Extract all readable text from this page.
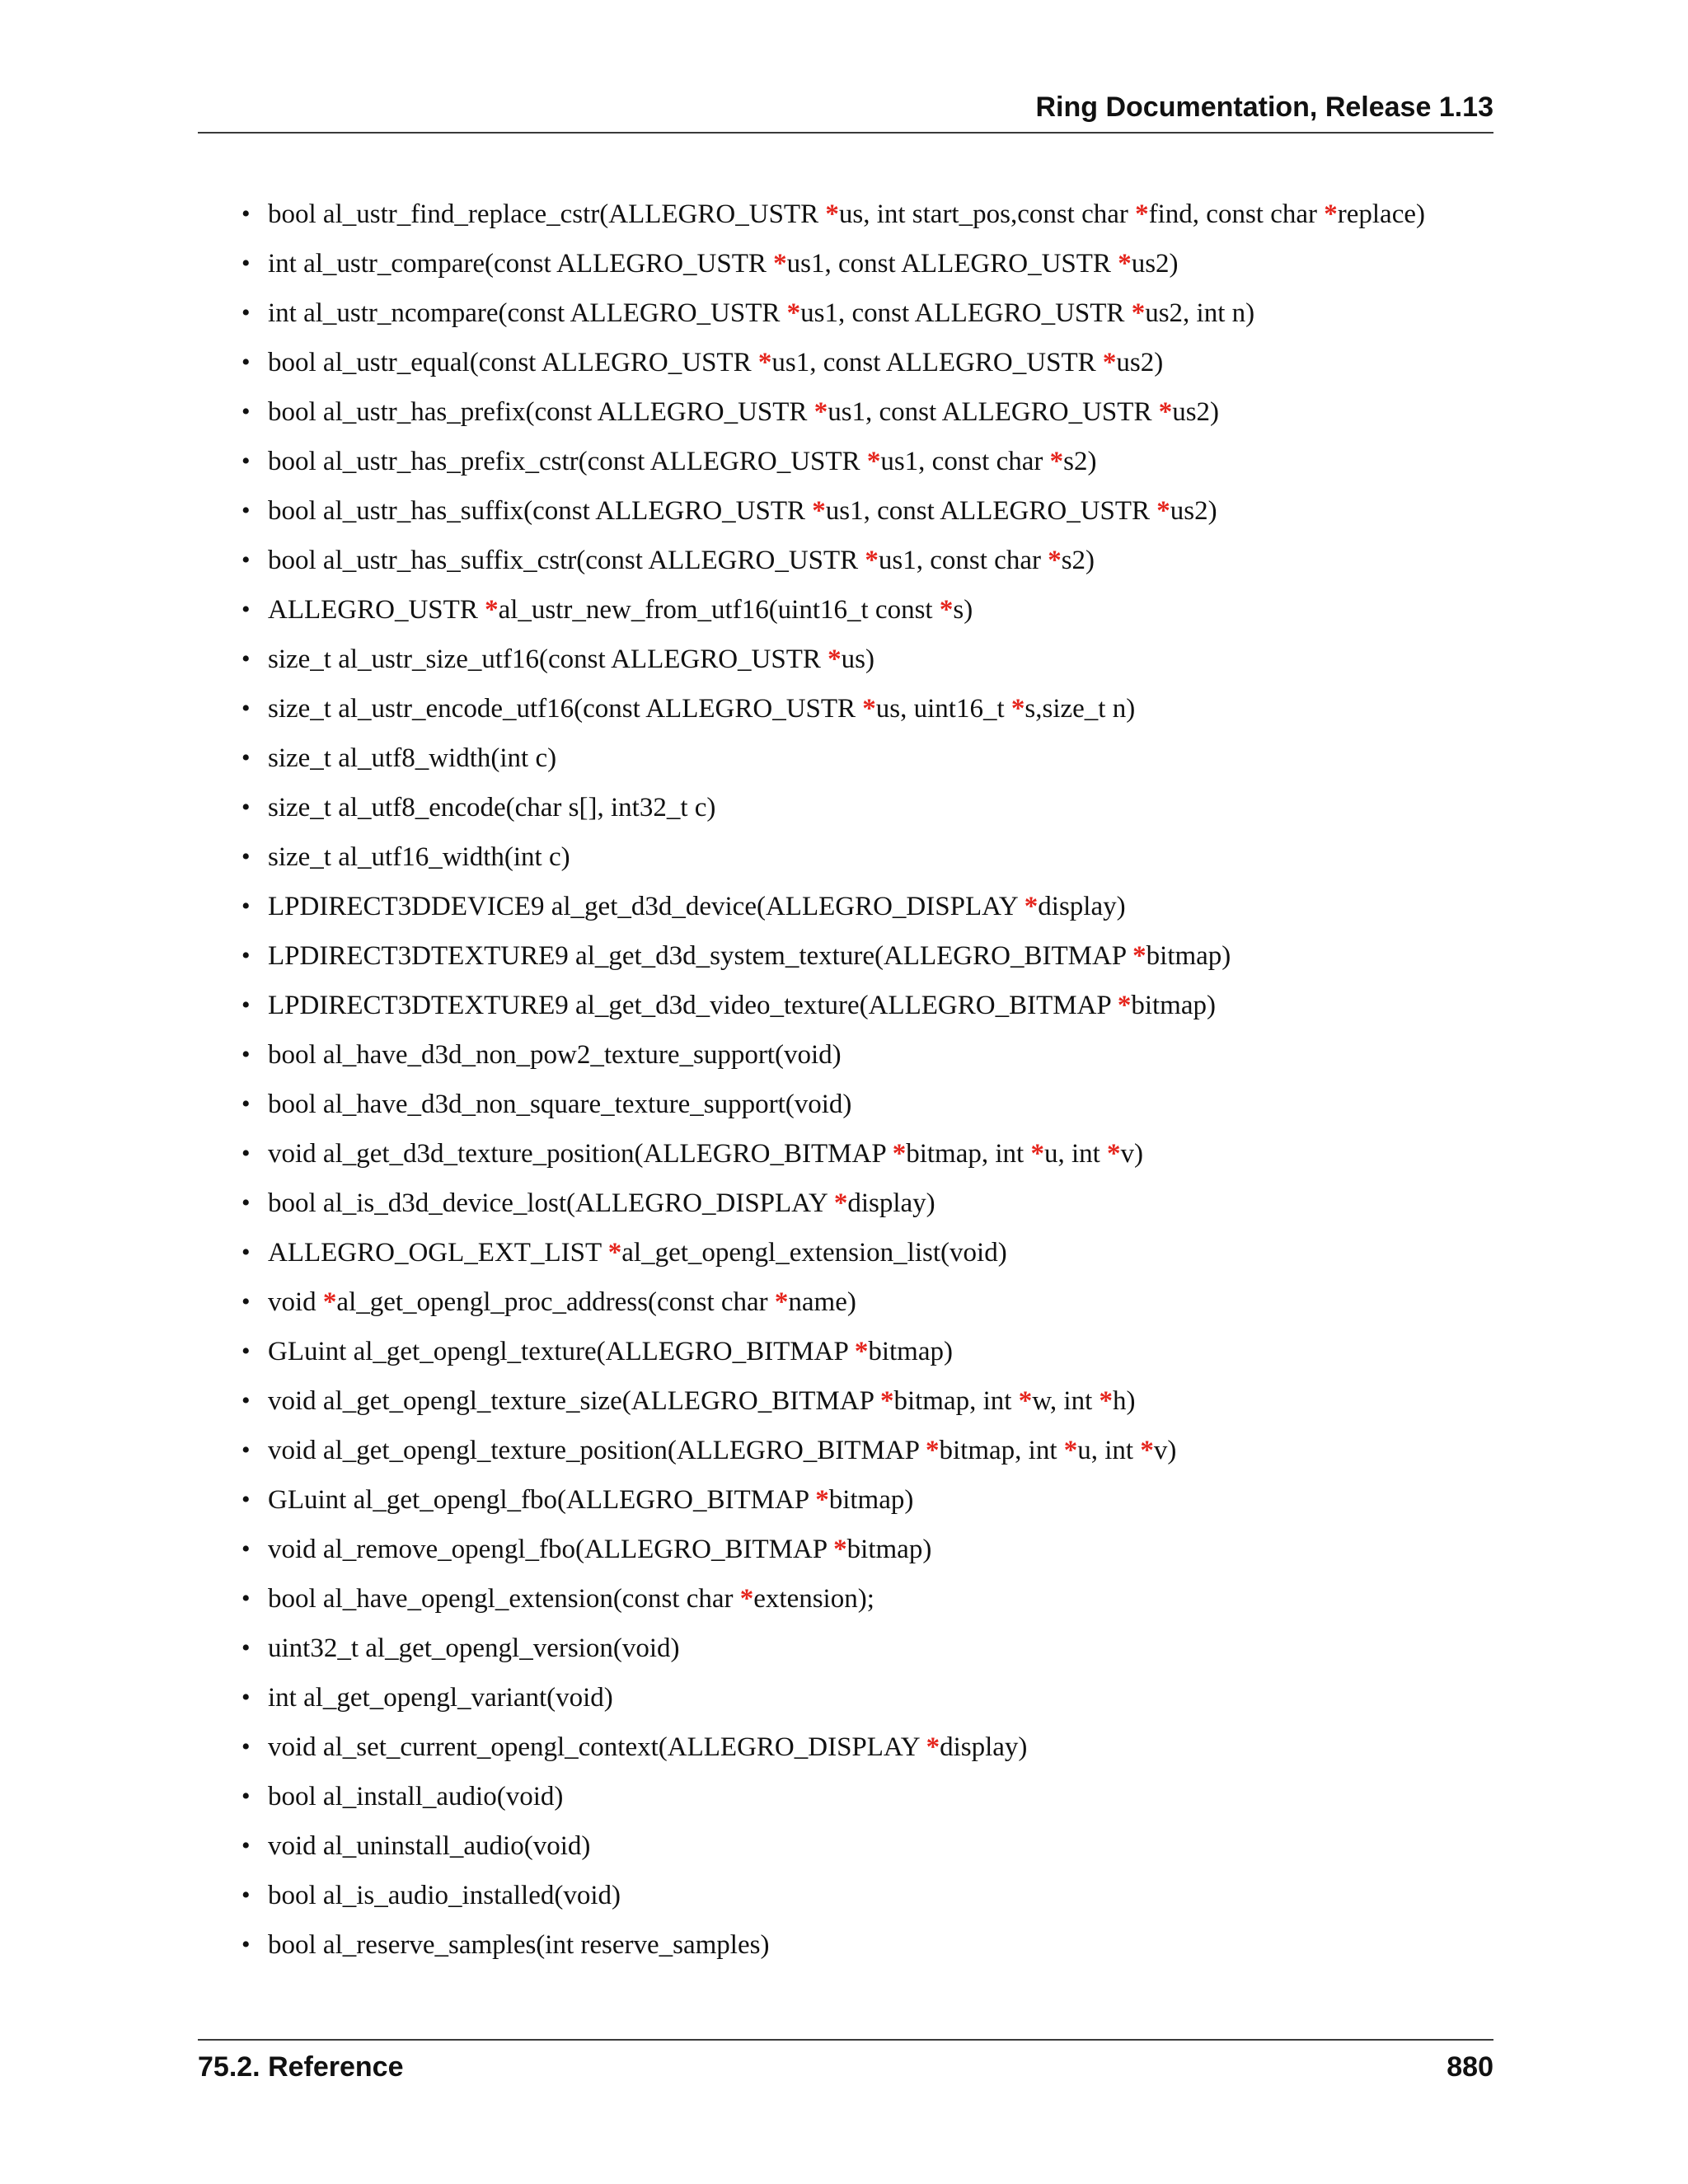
Ring Documentation, Release 1.13
• bool al_ustr_find_replace_cstr(ALLEGRO_USTR *us, int start_pos,const char *find, const char *replace)
• int al_ustr_compare(const ALLEGRO_USTR *us1, const ALLEGRO_USTR *us2)
• int al_ustr_ncompare(const ALLEGRO_USTR *us1, const ALLEGRO_USTR *us2, int n)
• bool al_ustr_equal(const ALLEGRO_USTR *us1, const ALLEGRO_USTR *us2)
• bool al_ustr_has_prefix(const ALLEGRO_USTR *us1, const ALLEGRO_USTR *us2)
• bool al_ustr_has_prefix_cstr(const ALLEGRO_USTR *us1, const char *s2)
• bool al_ustr_has_suffix(const ALLEGRO_USTR *us1, const ALLEGRO_USTR *us2)
• bool al_ustr_has_suffix_cstr(const ALLEGRO_USTR *us1, const char *s2)
• ALLEGRO_USTR *al_ustr_new_from_utf16(uint16_t const *s)
• size_t al_ustr_size_utf16(const ALLEGRO_USTR *us)
• size_t al_ustr_encode_utf16(const ALLEGRO_USTR *us, uint16_t *s,size_t n)
• size_t al_utf8_width(int c)
• size_t al_utf8_encode(char s[], int32_t c)
• size_t al_utf16_width(int c)
• LPDIRECT3DDEVICE9 al_get_d3d_device(ALLEGRO_DISPLAY *display)
• LPDIRECT3DTEXTURE9 al_get_d3d_system_texture(ALLEGRO_BITMAP *bitmap)
• LPDIRECT3DTEXTURE9 al_get_d3d_video_texture(ALLEGRO_BITMAP *bitmap)
• bool al_have_d3d_non_pow2_texture_support(void)
• bool al_have_d3d_non_square_texture_support(void)
• void al_get_d3d_texture_position(ALLEGRO_BITMAP *bitmap, int *u, int *v)
• bool al_is_d3d_device_lost(ALLEGRO_DISPLAY *display)
• ALLEGRO_OGL_EXT_LIST *al_get_opengl_extension_list(void)
• void *al_get_opengl_proc_address(const char *name)
• GLuint al_get_opengl_texture(ALLEGRO_BITMAP *bitmap)
• void al_get_opengl_texture_size(ALLEGRO_BITMAP *bitmap, int *w, int *h)
• void al_get_opengl_texture_position(ALLEGRO_BITMAP *bitmap, int *u, int *v)
• GLuint al_get_opengl_fbo(ALLEGRO_BITMAP *bitmap)
• void al_remove_opengl_fbo(ALLEGRO_BITMAP *bitmap)
• bool al_have_opengl_extension(const char *extension);
• uint32_t al_get_opengl_version(void)
• int al_get_opengl_variant(void)
• void al_set_current_opengl_context(ALLEGRO_DISPLAY *display)
• bool al_install_audio(void)
• void al_uninstall_audio(void)
• bool al_is_audio_installed(void)
• bool al_reserve_samples(int reserve_samples)
75.2. Reference	880
